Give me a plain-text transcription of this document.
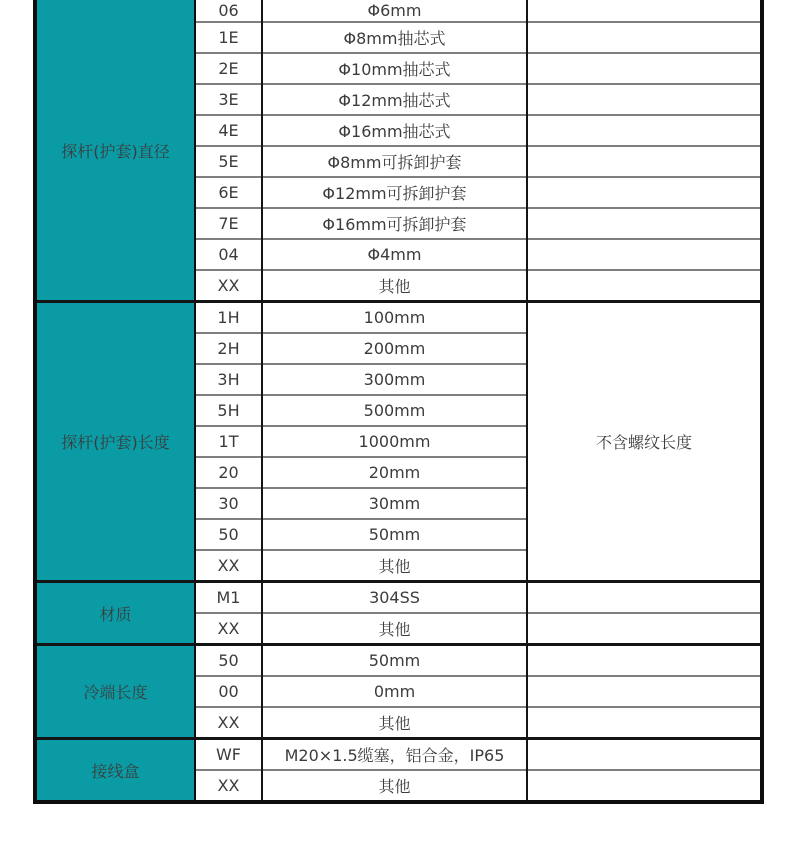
探杆(护套)直径	06	Φ6mm	
	1E	Φ8mm抽芯式	
	2E	Φ10mm抽芯式	
	3E	Φ12mm抽芯式	
	4E	Φ16mm抽芯式	
	5E	Φ8mm可拆卸护套	
	6E	Φ12mm可拆卸护套	
	7E	Φ16mm可拆卸护套	
	04	Φ4mm	
	XX	其他	
探杆(护套)长度	1H	100mm	不含螺纹长度
	2H	200mm	
	3H	300mm	
	5H	500mm	
	1T	1000mm	
	20	20mm	
	30	30mm	
	50	50mm	
	XX	其他	
材质	M1	304SS	
	XX	其他	
冷端长度	50	50mm	
	00	0mm	
	XX	其他	
接线盒	WF	M20×1.5缆塞，铝合金，IP65	
	XX	其他	
